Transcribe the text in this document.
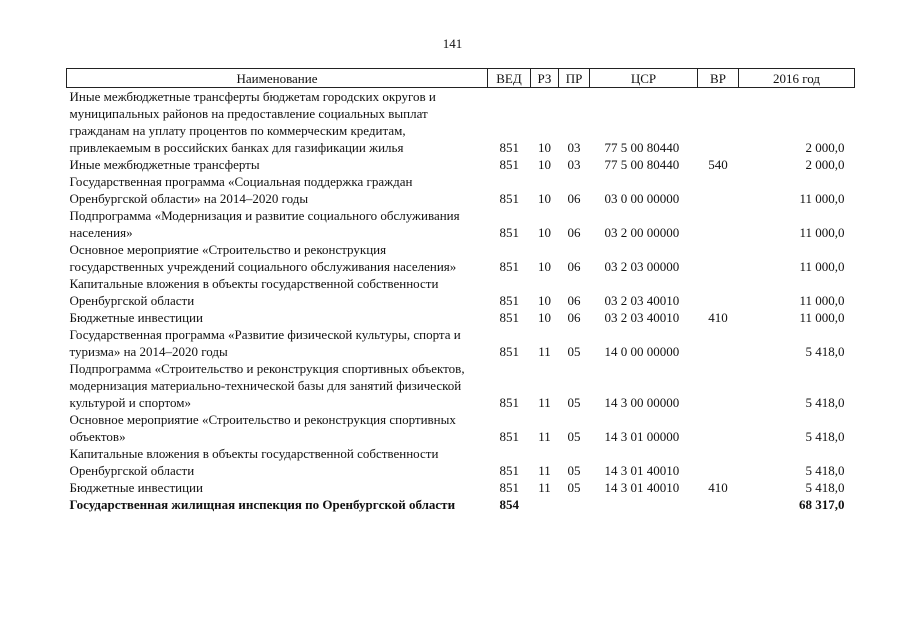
141
Наименование	ВЕД	РЗ	ПР	ЦСР	ВР	2016 год
Иные межбюджетные трансферты бюджетам городских округов и муниципальных районов на предоставление социальных выплат гражданам на уплату процентов по коммерческим кредитам, привлекаемым в российских банках для газификации жилья	851	10	03	77 5 00 80440		2 000,0
Иные межбюджетные трансферты	851	10	03	77 5 00 80440	540	2 000,0
Государственная программа «Социальная поддержка граждан Оренбургской области» на 2014–2020 годы	851	10	06	03 0 00 00000		11 000,0
Подпрограмма «Модернизация и развитие социального обслуживания населения»	851	10	06	03 2 00 00000		11 000,0
Основное мероприятие «Строительство и реконструкция государственных учреждений социального обслуживания населения»	851	10	06	03 2 03 00000		11 000,0
Капитальные вложения в объекты государственной собственности Оренбургской области	851	10	06	03 2 03 40010		11 000,0
Бюджетные инвестиции	851	10	06	03 2 03 40010	410	11 000,0
Государственная программа «Развитие физической культуры, спорта и туризма» на 2014–2020 годы	851	11	05	14 0 00 00000		5 418,0
Подпрограмма «Строительство и реконструкция спортивных объектов, модернизация материально-технической базы для занятий физической культурой и спортом»	851	11	05	14 3 00 00000		5 418,0
Основное мероприятие «Строительство и реконструкция спортивных объектов»	851	11	05	14 3 01 00000		5 418,0
Капитальные вложения в объекты государственной собственности Оренбургской области	851	11	05	14 3 01 40010		5 418,0
Бюджетные инвестиции	851	11	05	14 3 01 40010	410	5 418,0
Государственная жилищная инспекция по Оренбургской области	854					68 317,0
